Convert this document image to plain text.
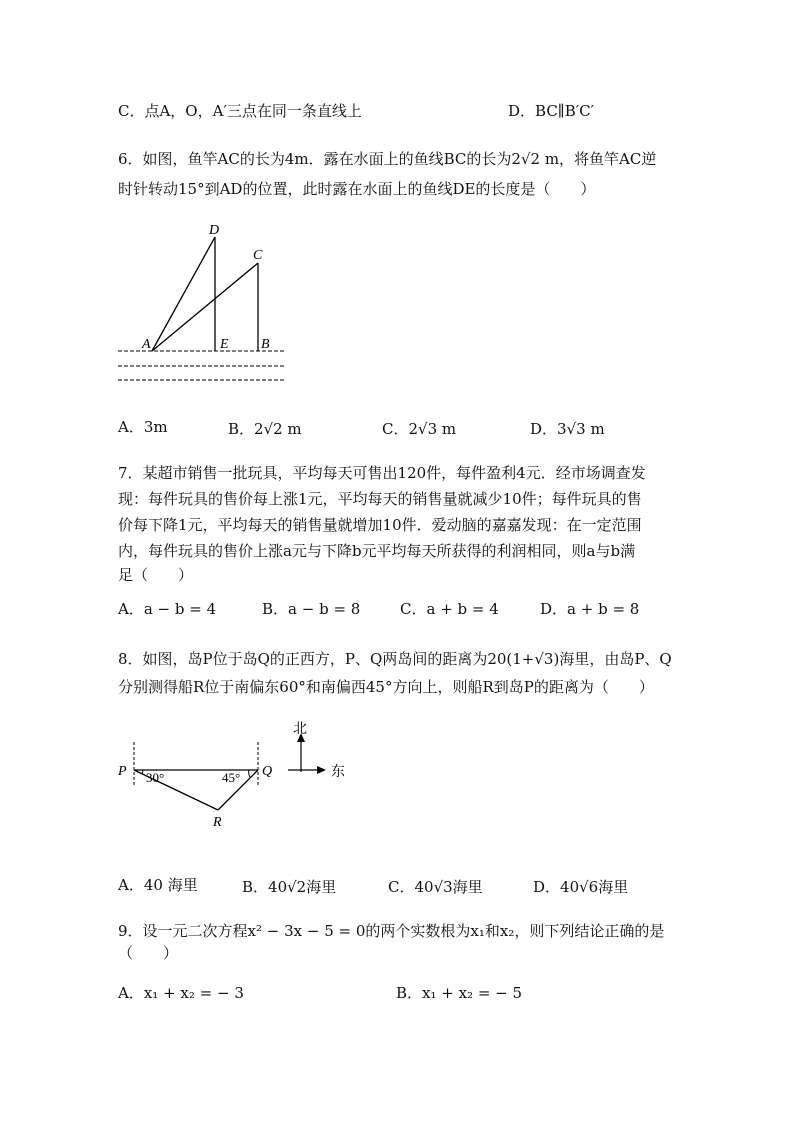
C．点A，O，A′三点在同一条直线上	D．BC∥B′C′
6．如图，鱼竿AC的长为4m．露在水面上的鱼线BC的长为2√2 m，将鱼竿AC逆
时针转动15°到AD的位置，此时露在水面上的鱼线DE的长度是（　　）
D
C
A	E B
A．3m	B．2√2 m	C．2√3 m	D．3√3 m
7．某超市销售一批玩具，平均每天可售出120件，每件盈利4元．经市场调查发
现：每件玩具的售价每上涨1元，平均每天的销售量就减少10件；每件玩具的售
价每下降1元，平均每天的销售量就增加10件．爱动脑的嘉嘉发现：在一定范围
内，每件玩具的售价上涨a元与下降b元平均每天所获得的利润相同，则a与b满
足（　　）
A．a − b = 4	B．a − b = 8	C．a + b = 4	D．a + b = 8
8．如图，岛P位于岛Q的正西方，P、Q两岛间的距离为20(1+√3)海里，由岛P、Q
分别测得船R位于南偏东60°和南偏西45°方向上，则船R到岛P的距离为（　　）
P	Q
R
30°	45°
北
东
A．40 海里	B．40√2海里	C．40√3海里	D．40√6海里
9．设一元二次方程x² − 3x − 5 = 0的两个实数根为x₁和x₂，则下列结论正确的是
（　　）
A．x₁ + x₂ = − 3	B．x₁ + x₂ = − 5
